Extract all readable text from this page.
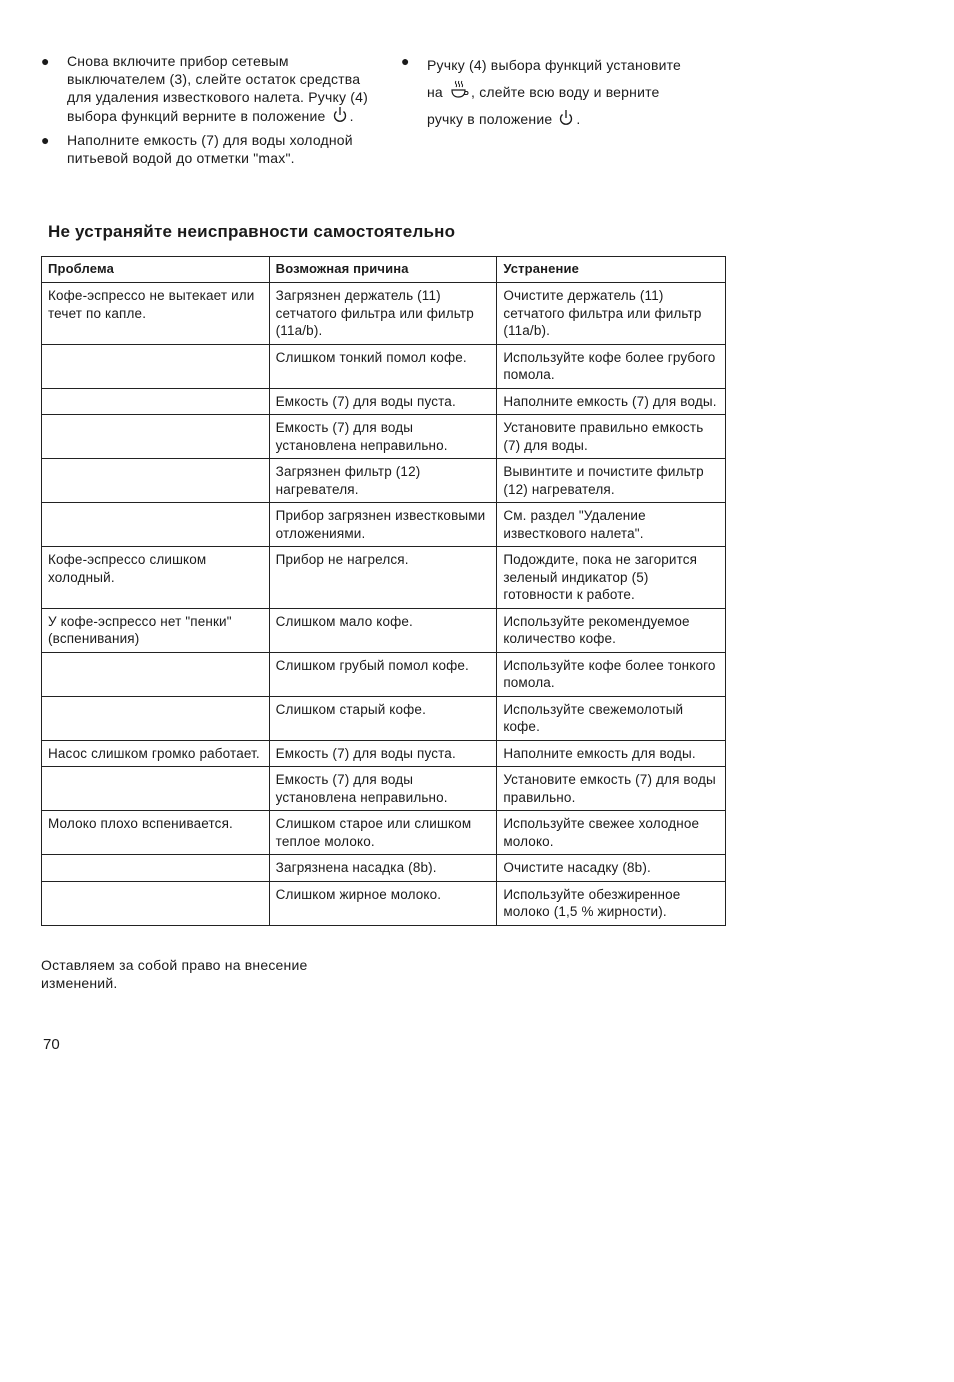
● Снова включите прибор сетевым выключателем (3), слейте остаток средства для удаления известкового налета. Ручку (4) выбора функций верните в положение .
● Наполните емкость (7) для воды холодной питьевой водой до отметки "max".
● Ручку (4) выбора функций установите
на , слейте всю воду и верните
ручку в положение .
Не устраняйте неисправности самостоятельно
Проблема	Возможная причина	Устранение
Кофе-эспрессо не вытекает или течет по капле.	Загрязнен держатель (11) сетчатого фильтра или фильтр (11a/b).	Очистите держатель (11) сетчатого фильтра или фильтр (11a/b).
	Слишком тонкий помол кофе.	Используйте кофе более грубого помола.
	Емкость (7) для воды пуста.	Наполните емкость (7) для воды.
	Емкость (7) для воды установлена неправильно.	Установите правильно емкость (7) для воды.
	Загрязнен фильтр (12) нагревателя.	Вывинтите и почистите фильтр (12) нагревателя.
	Прибор загрязнен известковыми отложениями.	См. раздел "Удаление известкового налета".
Кофе-эспрессо слишком холодный.	Прибор не нагрелся.	Подождите, пока не загорится зеленый индикатор (5) готовности к работе.
У кофе-эспрессо нет "пенки" (вспенивания)	Слишком мало кофе.	Используйте рекомендуемое количество кофе.
	Слишком грубый помол кофе.	Используйте кофе более тонкого помола.
	Слишком старый кофе.	Используйте свежемолотый кофе.
Насос слишком громко работает.	Емкость (7) для воды пуста.	Наполните емкость для воды.
	Емкость (7) для воды установлена неправильно.	Установите емкость (7) для воды правильно.
Молоко плохо вспенивается.	Слишком старое или слишком теплое молоко.	Используйте свежее холодное молоко.
	Загрязнена насадка (8b).	Очистите насадку (8b).
	Слишком жирное молоко.	Используйте обезжиренное молоко (1,5 % жирности).
Оставляем за собой право на внесение изменений.
70
